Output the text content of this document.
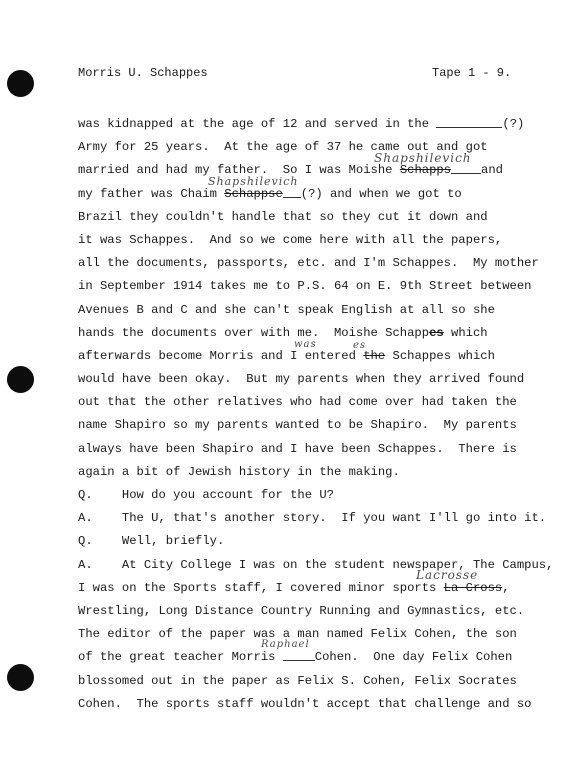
Morris U. Schappes	Tape 1 - 9.
was kidnapped at the age of 12 and served in the	(?)
Army for 25 years.  At the age of 37 he came out and got
married and had my father.  So I was Moishe Schapps and
Shapshilevich
my father was Chaim Schappse (?) and when we got to
Shapshilevich
Brazil they couldn't handle that so they cut it down and
it was Schappes.  And so we come here with all the papers,
all the documents, passports, etc. and I'm Schappes.  My mother
in September 1914 takes me to P.S. 64 on E. 9th Street between
Avenues B and C and she can't speak English at all so she
hands the documents over with me.  Moishe Schappes which
afterwards become Morris and I entered the Schappes which
was	es
would have been okay.  But my parents when they arrived found
out that the other relatives who had come over had taken the
name Shapiro so my parents wanted to be Shapiro.  My parents
always have been Shapiro and I have been Schappes.  There is
again a bit of Jewish history in the making.
Q.    How do you account for the U?
A.    The U, that's another story.  If you want I'll go into it.
Q.    Well, briefly.
A.    At City College I was on the student newspaper, The Campus,
I was on the Sports staff, I covered minor sports La Cross,
Lacrosse
Wrestling, Long Distance Country Running and Gymnastics, etc.
The editor of the paper was a man named Felix Cohen, the son
of the great teacher Morris	Cohen.  One day Felix Cohen
Raphael
blossomed out in the paper as Felix S. Cohen, Felix Socrates
Cohen.  The sports staff wouldn't accept that challenge and so
